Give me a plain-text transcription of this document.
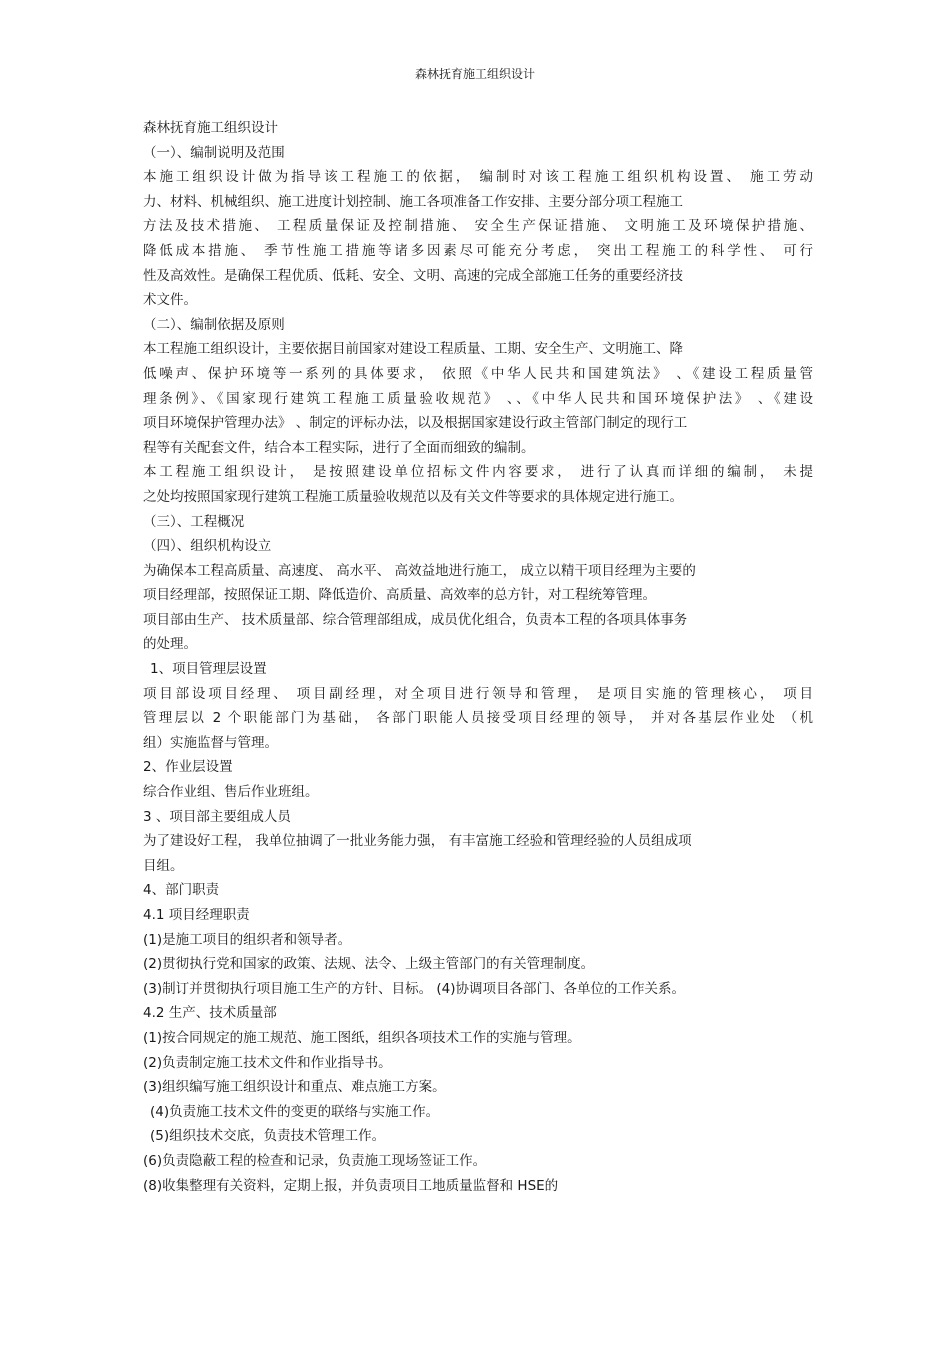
森林抚育施工组织设计
森林抚育施工组织设计
（一）、编制说明及范围
本施工组织设计做为指导该工程施工的依据， 编制时对该工程施工组织机构设置、 施工劳动
力、材料、机械组织、施工进度计划控制、施工各项准备工作安排、主要分部分项工程施工
方法及技术措施、 工程质量保证及控制措施、 安全生产保证措施、 文明施工及环境保护措施、
降低成本措施、 季节性施工措施等诸多因素尽可能充分考虑， 突出工程施工的科学性、 可行
性及高效性。是确保工程优质、低耗、安全、文明、高速的完成全部施工任务的重要经济技
术文件。
（二）、编制依据及原则
本工程施工组织设计，主要依据目前国家对建设工程质量、工期、安全生产、文明施工、降
低噪声、保护环境等一系列的具体要求， 依照《中华人民共和国建筑法》 、《建设工程质量管
理条例》、《国家现行建筑工程施工质量验收规范》 、、《中华人民共和国环境保护法》 、《建设
项目环境保护管理办法》 、制定的评标办法，以及根据国家建设行政主管部门制定的现行工
程等有关配套文件，结合本工程实际，进行了全面而细致的编制。
本工程施工组织设计， 是按照建设单位招标文件内容要求， 进行了认真而详细的编制， 未提
之处均按照国家现行建筑工程施工质量验收规范以及有关文件等要求的具体规定进行施工。
（三）、工程概况
（四）、组织机构设立
为确保本工程高质量、高速度、 高水平、 高效益地进行施工， 成立以精干项目经理为主要的
项目经理部，按照保证工期、降低造价、高质量、高效率的总方针，对工程统筹管理。
项目部由生产、 技术质量部、综合管理部组成，成员优化组合，负责本工程的各项具体事务
的处理。
1、项目管理层设置
项目部设项目经理、 项目副经理，对全项目进行领导和管理， 是项目实施的管理核心， 项目
管理层以 2 个职能部门为基础， 各部门职能人员接受项目经理的领导， 并对各基层作业处 （机
组）实施监督与管理。
2、作业层设置
综合作业组、售后作业班组。
3 、项目部主要组成人员
为了建设好工程， 我单位抽调了一批业务能力强， 有丰富施工经验和管理经验的人员组成项
目组。
4、部门职责
4.1 项目经理职责
(1)是施工项目的组织者和领导者。
(2)贯彻执行党和国家的政策、法规、法令、上级主管部门的有关管理制度。
(3)制订并贯彻执行项目施工生产的方针、目标。 (4)协调项目各部门、各单位的工作关系。
4.2 生产、技术质量部
(1)按合同规定的施工规范、施工图纸，组织各项技术工作的实施与管理。
(2)负责制定施工技术文件和作业指导书。
(3)组织编写施工组织设计和重点、难点施工方案。
(4)负责施工技术文件的变更的联络与实施工作。
(5)组织技术交底，负责技术管理工作。
(6)负责隐蔽工程的检查和记录，负责施工现场签证工作。
(8)收集整理有关资料，定期上报，并负责项目工地质量监督和 HSE的
